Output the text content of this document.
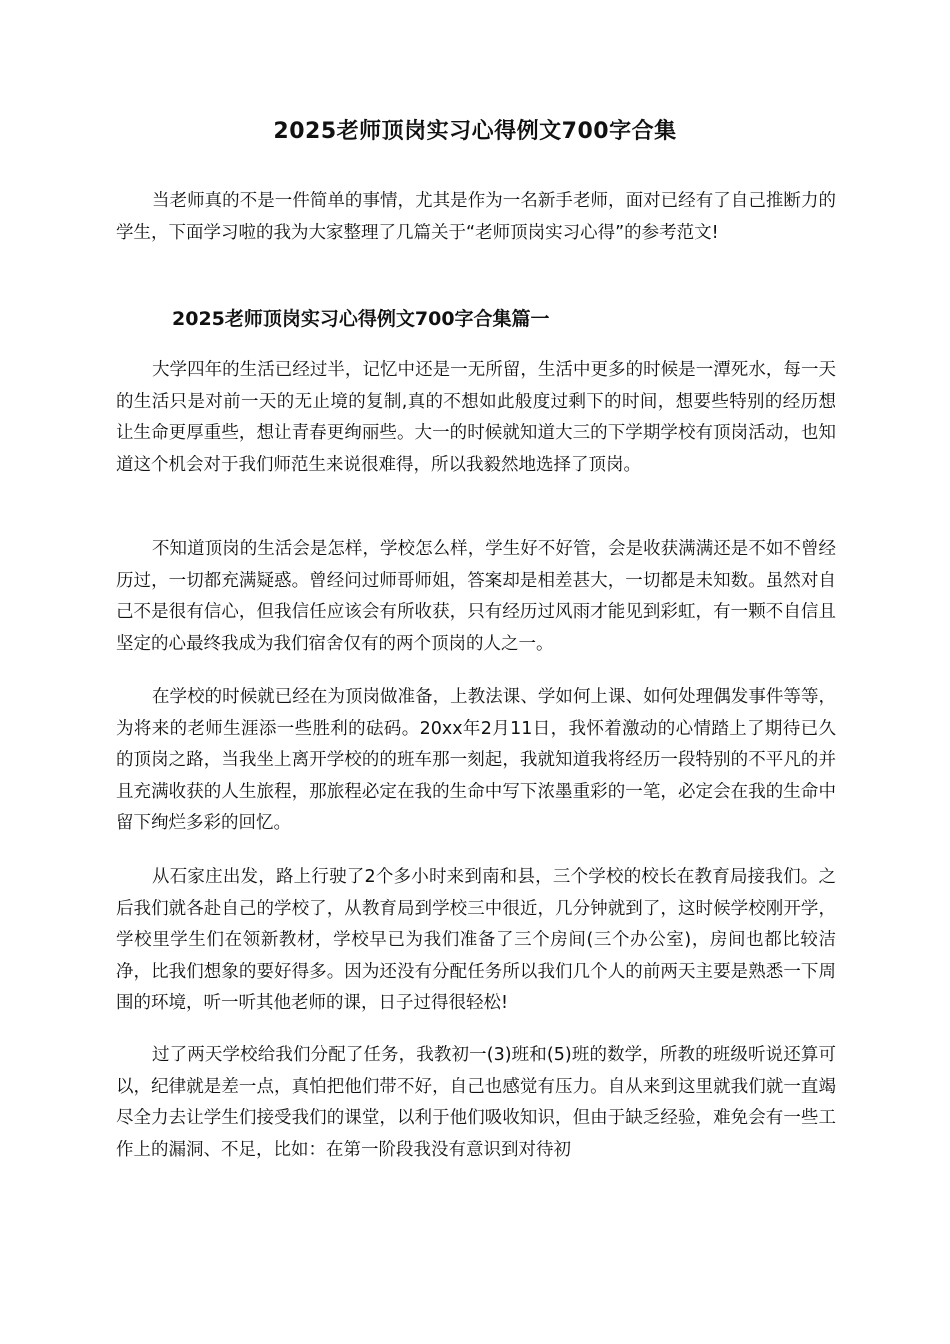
2025老师顶岗实习心得例文700字合集

当老师真的不是一件简单的事情，尤其是作为一名新手老师，面对已经有了自己推断力的学生，下面学习啦的我为大家整理了几篇关于“老师顶岗实习心得”的参考范文!

2025老师顶岗实习心得例文700字合集篇一

大学四年的生活已经过半，记忆中还是一无所留，生活中更多的时候是一潭死水，每一天的生活只是对前一天的无止境的复制,真的不想如此般度过剩下的时间，想要些特别的经历想让生命更厚重些，想让青春更绚丽些。大一的时候就知道大三的下学期学校有顶岗活动，也知道这个机会对于我们师范生来说很难得，所以我毅然地选择了顶岗。

不知道顶岗的生活会是怎样，学校怎么样，学生好不好管，会是收获满满还是不如不曾经历过，一切都充满疑惑。曾经问过师哥师姐，答案却是相差甚大，一切都是未知数。虽然对自己不是很有信心，但我信任应该会有所收获，只有经历过风雨才能见到彩虹，有一颗不自信且坚定的心最终我成为我们宿舍仅有的两个顶岗的人之一。

在学校的时候就已经在为顶岗做准备，上教法课、学如何上课、如何处理偶发事件等等，为将来的老师生涯添一些胜利的砝码。20xx年2月11日，我怀着激动的心情踏上了期待已久的顶岗之路，当我坐上离开学校的的班车那一刻起，我就知道我将经历一段特别的不平凡的并且充满收获的人生旅程，那旅程必定在我的生命中写下浓墨重彩的一笔，必定会在我的生命中留下绚烂多彩的回忆。

从石家庄出发，路上行驶了2个多小时来到南和县，三个学校的校长在教育局接我们。之后我们就各赴自己的学校了，从教育局到学校三中很近，几分钟就到了，这时候学校刚开学，学校里学生们在领新教材，学校早已为我们准备了三个房间(三个办公室)，房间也都比较洁净，比我们想象的要好得多。因为还没有分配任务所以我们几个人的前两天主要是熟悉一下周围的环境，听一听其他老师的课，日子过得很轻松!

过了两天学校给我们分配了任务，我教初一(3)班和(5)班的数学，所教的班级听说还算可以，纪律就是差一点，真怕把他们带不好，自己也感觉有压力。自从来到这里就我们就一直竭尽全力去让学生们接受我们的课堂，以利于他们吸收知识，但由于缺乏经验，难免会有一些工作上的漏洞、不足，比如：在第一阶段我没有意识到对待初
